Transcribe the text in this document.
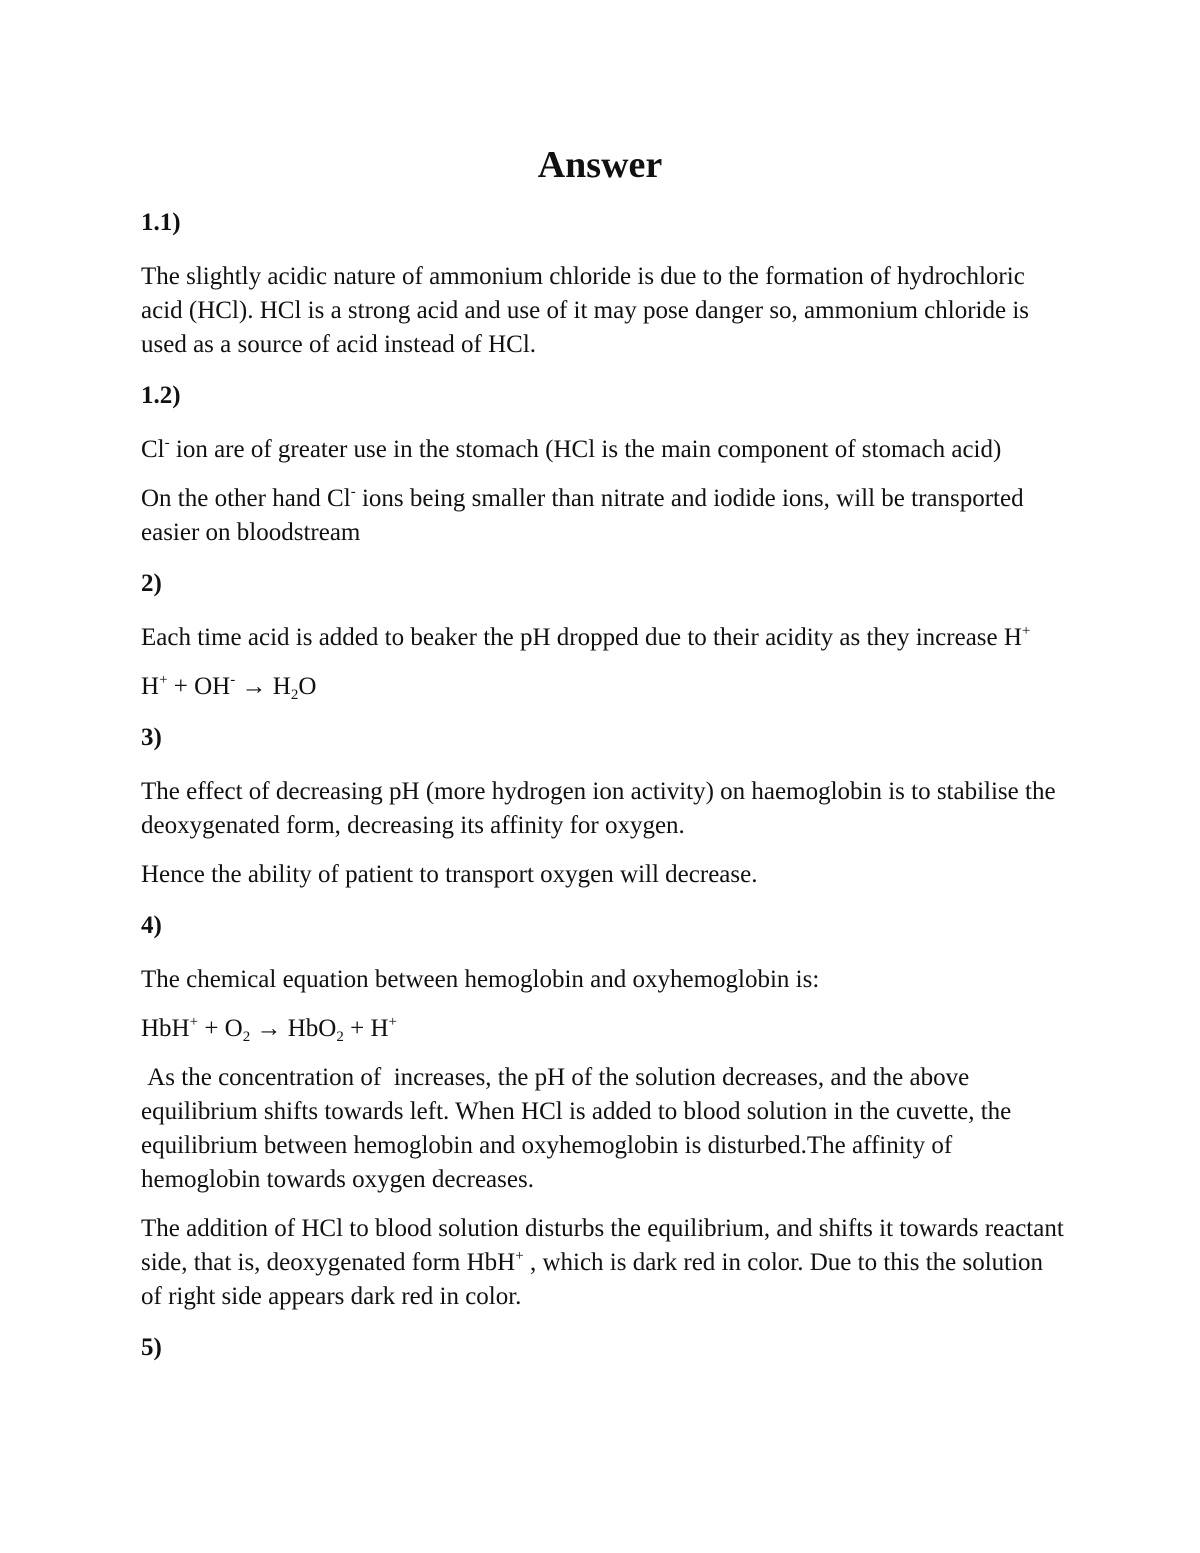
Answer
1.1)

The slightly acidic nature of ammonium chloride is due to the formation of hydrochloric acid (HCl). HCl is a strong acid and use of it may pose danger so, ammonium chloride is used as a source of acid instead of HCl.

1.2)

Cl- ion are of greater use in the stomach (HCl is the main component of stomach acid)

On the other hand Cl- ions being smaller than nitrate and iodide ions, will be transported easier on bloodstream

2)

Each time acid is added to beaker the pH dropped due to their acidity as they increase H+

$H^+ + OH^- \to H_2O$

3)

The effect of decreasing pH (more hydrogen ion activity) on haemoglobin is to stabilise the deoxygenated form, decreasing its affinity for oxygen.

Hence the ability of patient to transport oxygen will decrease.

4)

The chemical equation between hemoglobin and oxyhemoglobin is:

$HbH^+ + O_2 \to HbO_2 + H^+$

As the concentration of  increases, the pH of the solution decreases, and the above equilibrium shifts towards left. When HCl is added to blood solution in the cuvette, the equilibrium between hemoglobin and oxyhemoglobin is disturbed.The affinity of hemoglobin towards oxygen decreases.

The addition of HCl to blood solution disturbs the equilibrium, and shifts it towards reactant side, that is, deoxygenated form HbH+ , which is dark red in color. Due to this the solution of right side appears dark red in color.

5)
